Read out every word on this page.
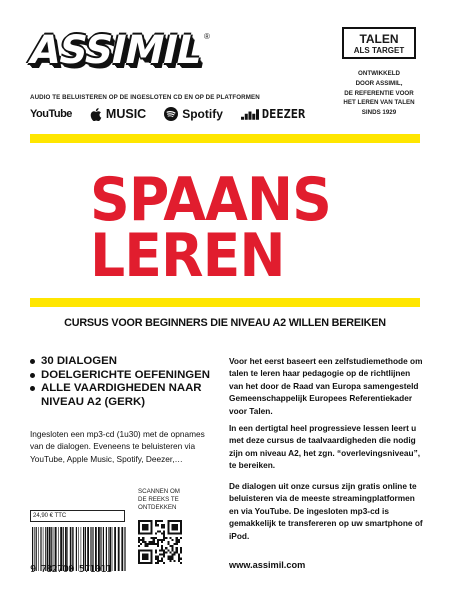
ASSIMIL
®
AUDIO TE BELUISTEREN OP DE INGESLOTEN CD EN OP DE PLATFORMEN
YouTube	MUSIC	Spotify	DEEZER
TALEN
ALS TARGET
ONTWIKKELD
DOOR ASSIMIL,
DE REFERENTIE VOOR
HET LEREN VAN TALEN
SINDS 1929
SPAANS
LEREN
CURSUS VOOR BEGINNERS DIE NIVEAU A2 WILLEN BEREIKEN
30 DIALOGEN
DOELGERICHTE OEFENINGEN
ALLE VAARDIGHEDEN NAAR NIVEAU A2 (GERK)
Ingesloten een mp3-cd (1u30) met de opnames van de dialogen. Eveneens te beluisteren via YouTube, Apple Music, Spotify, Deezer,…
Voor het eerst baseert een zelfstudiemethode om talen te leren haar pedagogie op de richtlijnen van het door de Raad van Europa samengesteld Gemeenschappelijk Europees Referentiekader voor Talen.
In een dertigtal heel progressieve lessen leert u met deze cursus de taalvaardigheden die nodig zijn om niveau A2, het zgn. “overlevingsniveau”, te bereiken.
De dialogen uit onze cursus zijn gratis online te beluisteren via de meeste streamingplatformen en via YouTube. De ingesloten mp3-cd is gemakkelijk te transfereren op uw smartphone of iPod.
24,90 € TTC
9 782700 571011
SCANNEN OM
DE REEKS TE
ONTDEKKEN
www.assimil.com
